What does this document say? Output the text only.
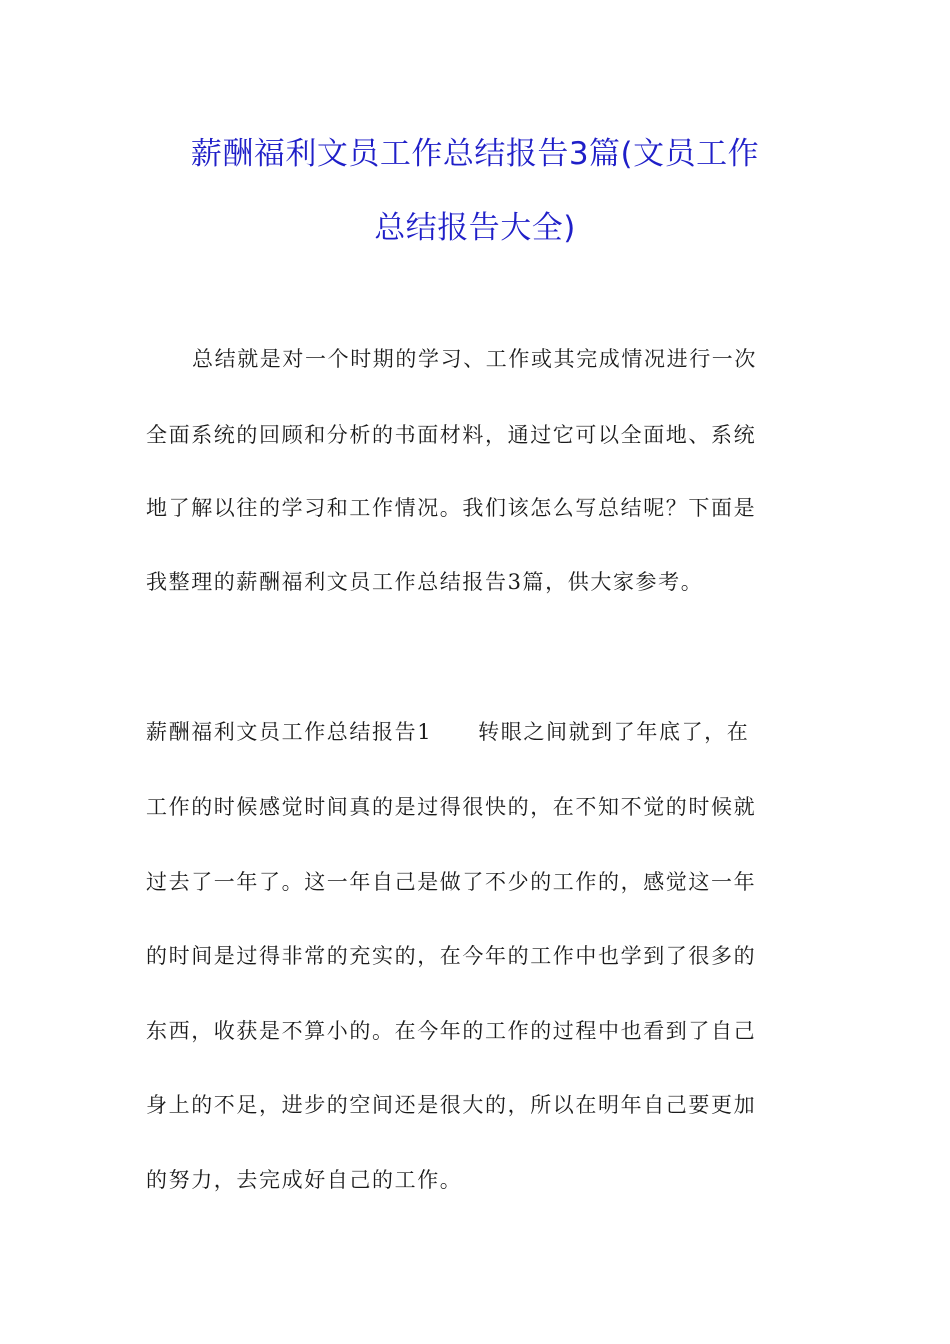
薪酬福利文员工作总结报告3篇(文员工作
总结报告大全)

总结就是对一个时期的学习、工作或其完成情况进行一次

全面系统的回顾和分析的书面材料，通过它可以全面地、系统

地了解以往的学习和工作情况。我们该怎么写总结呢？下面是

我整理的薪酬福利文员工作总结报告3篇，供大家参考。

薪酬福利文员工作总结报告1 转眼之间就到了年底了，在

工作的时候感觉时间真的是过得很快的，在不知不觉的时候就

过去了一年了。这一年自己是做了不少的工作的，感觉这一年

的时间是过得非常的充实的，在今年的工作中也学到了很多的

东西，收获是不算小的。在今年的工作的过程中也看到了自己

身上的不足，进步的空间还是很大的，所以在明年自己要更加

的努力，去完成好自己的工作。
